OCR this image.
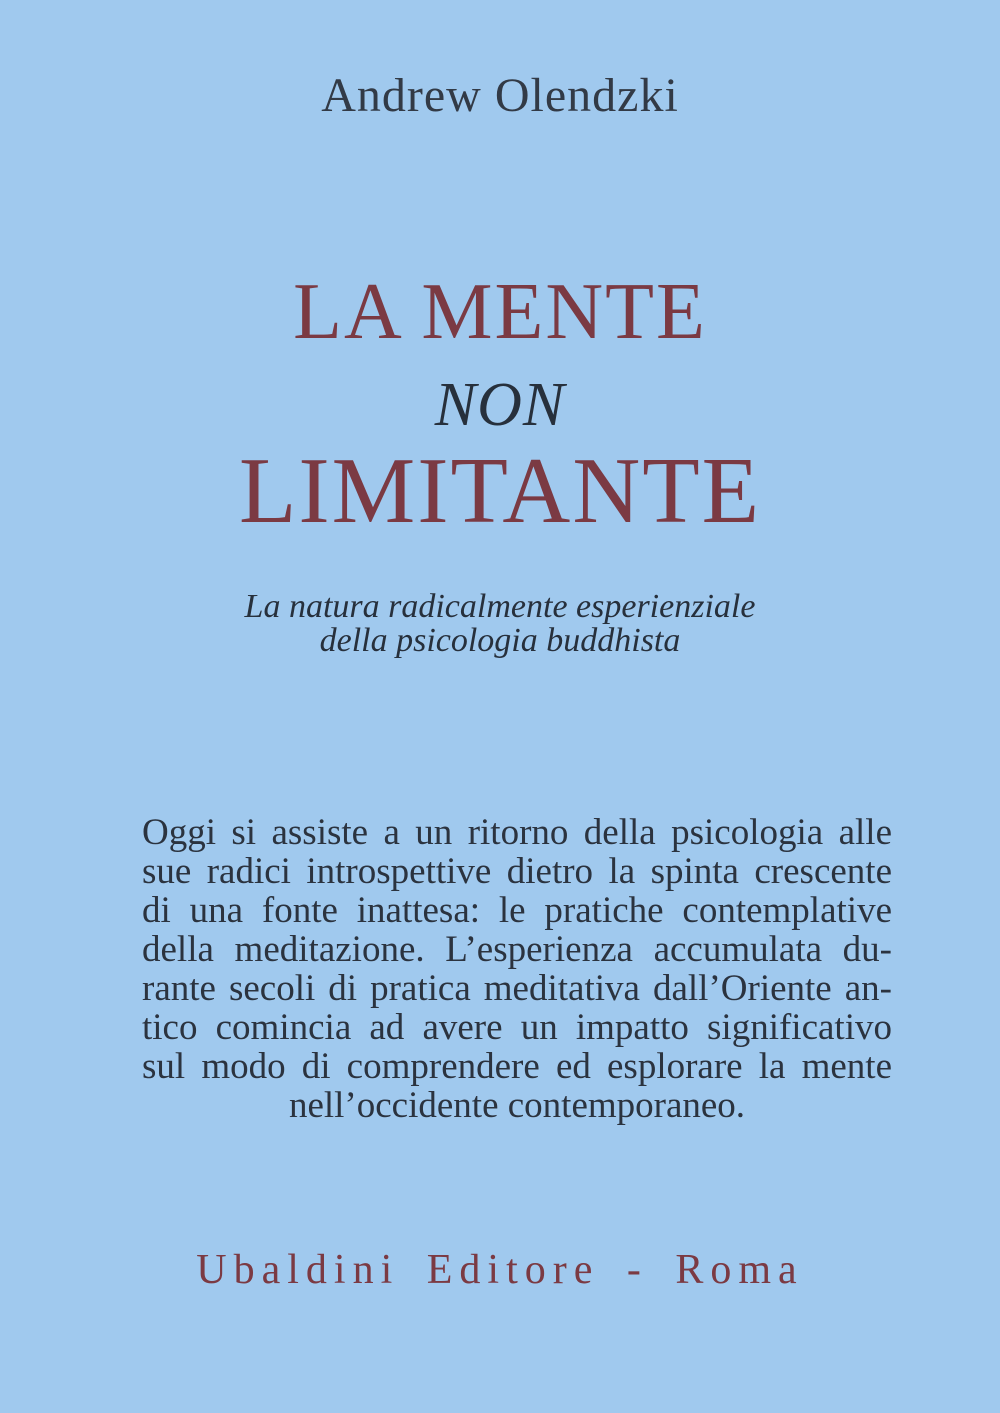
Andrew Olendzki
LA MENTE
NON
LIMITANTE
La natura radicalmente esperienziale
della psicologia buddhista
Oggi si assiste a un ritorno della psicologia alle
sue radici introspettive dietro la spinta crescente
di una fonte inattesa: le pratiche contemplative
della meditazione. L’esperienza accumulata du-
rante secoli di pratica meditativa dall’Oriente an-
tico comincia ad avere un impatto significativo
sul modo di comprendere ed esplorare la mente
nell’occidente contemporaneo.
Ubaldini Editore - Roma
